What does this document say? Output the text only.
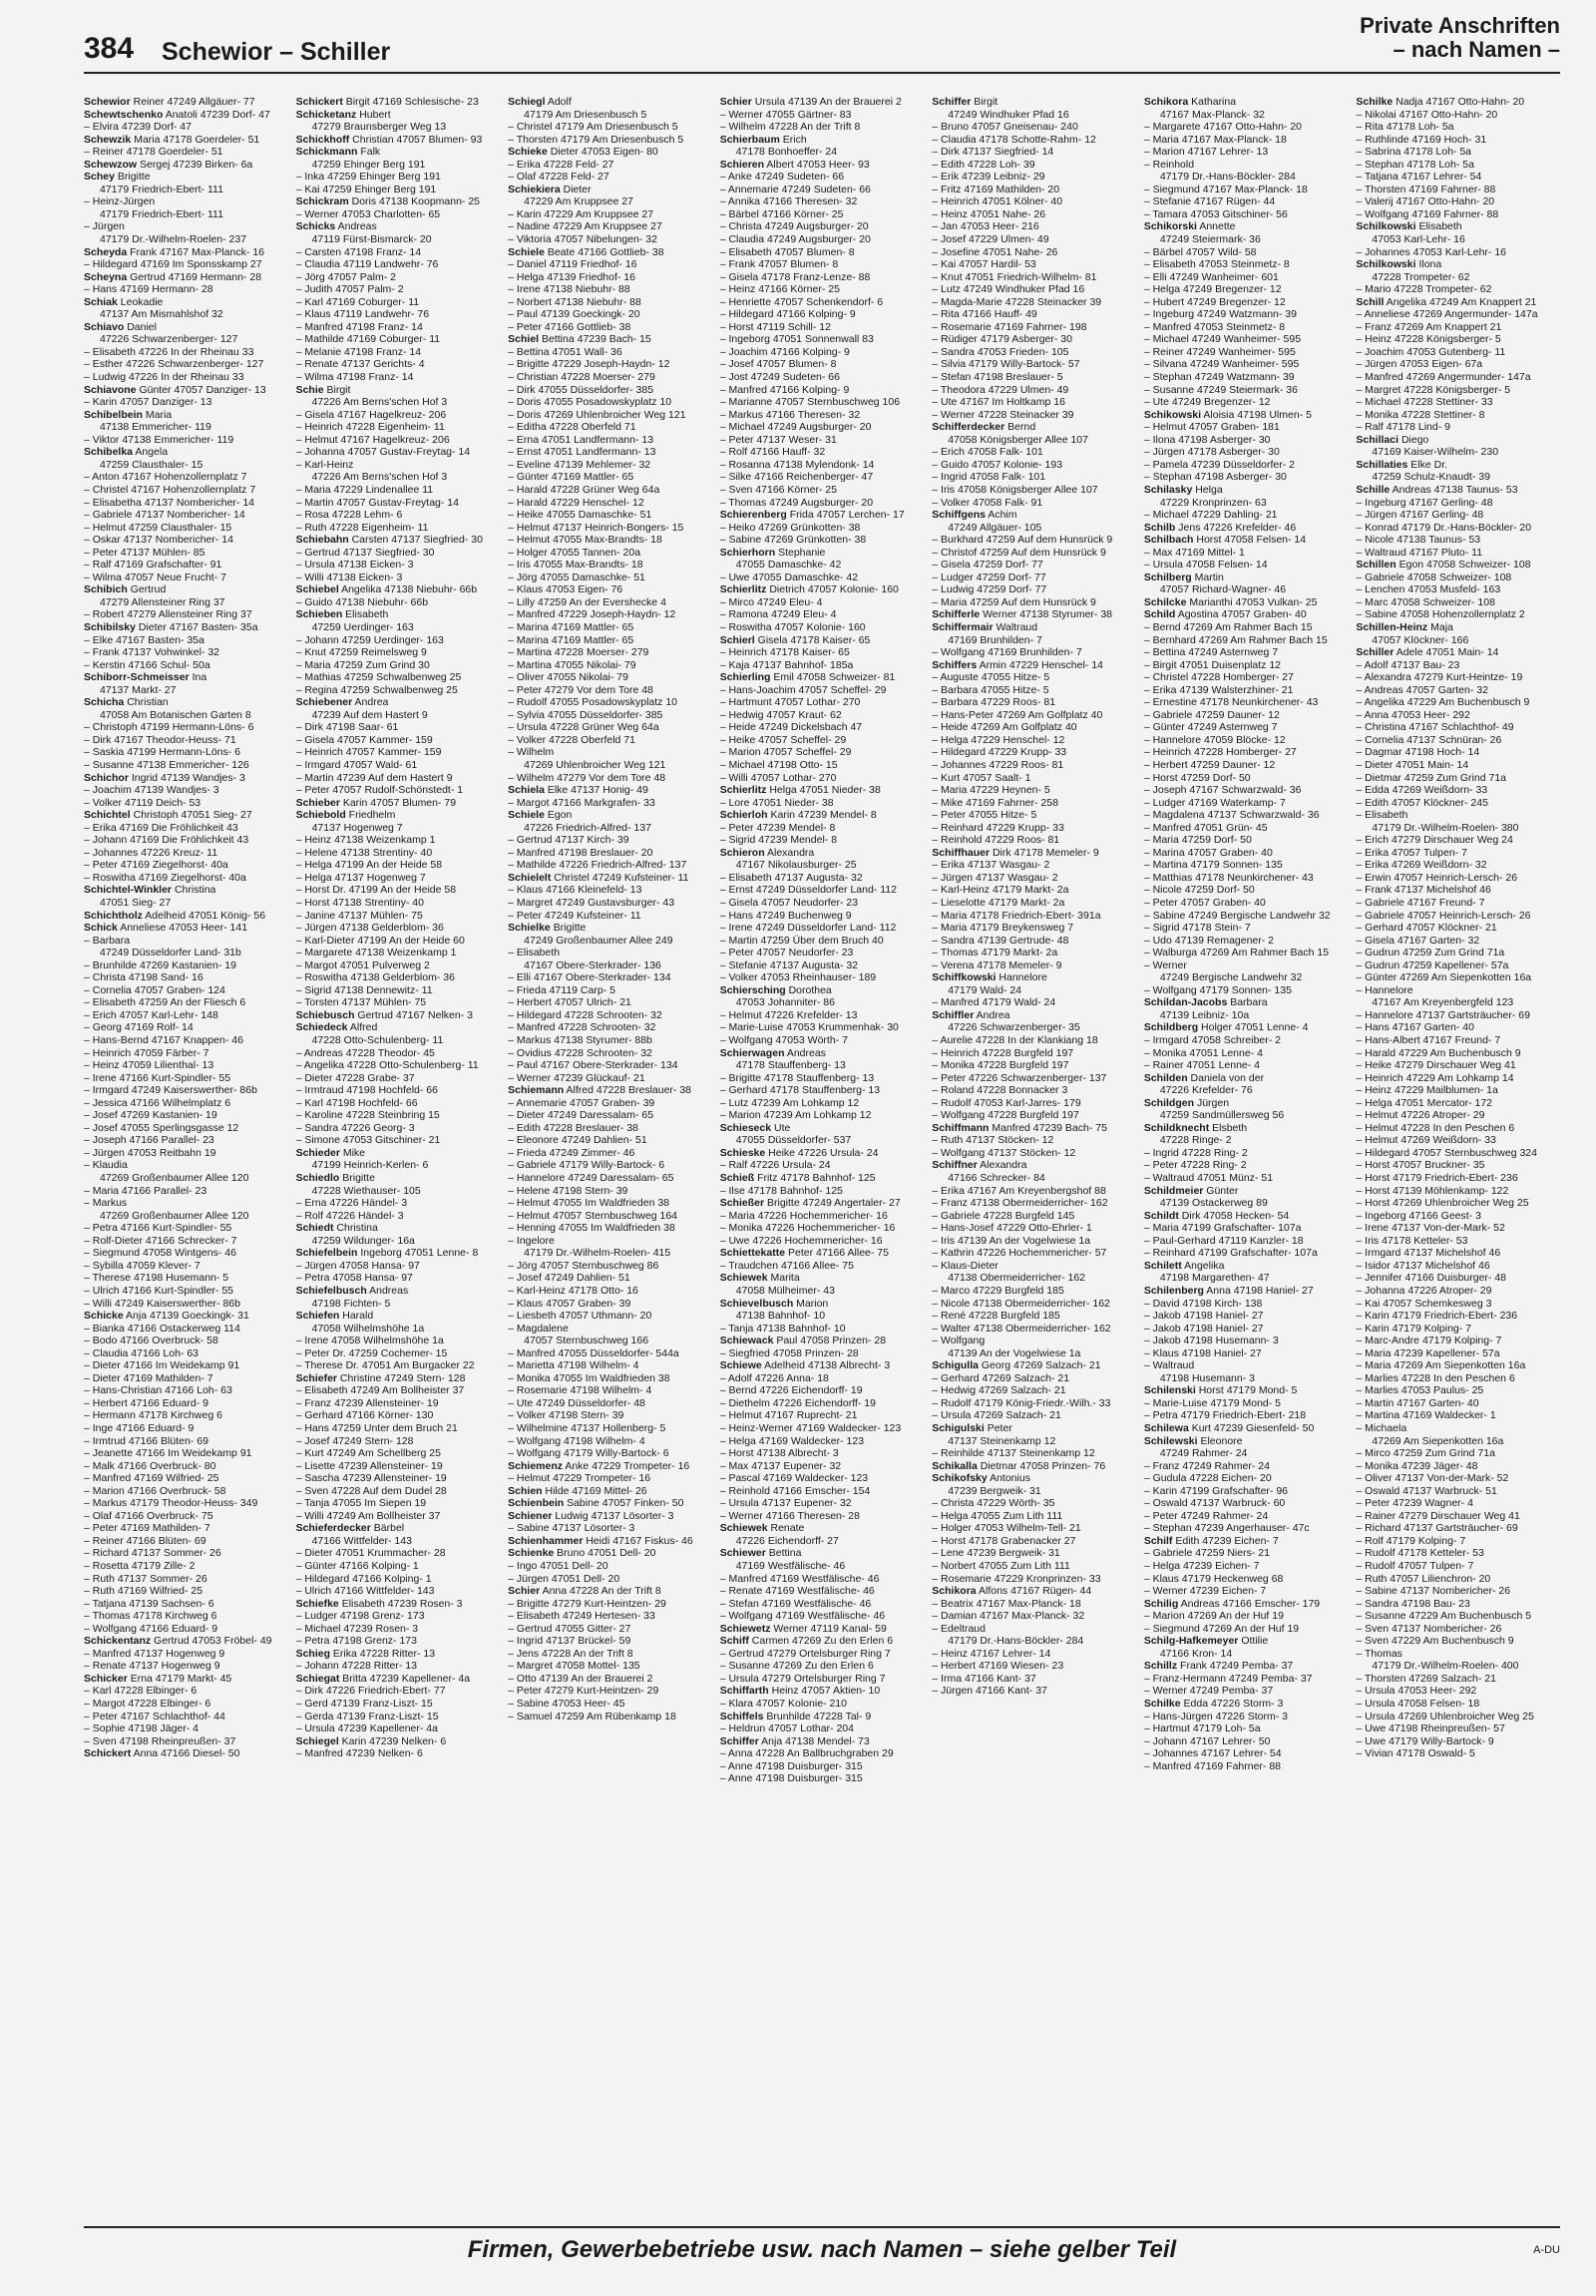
384 Schewior – Schiller
Private Anschriften
– nach Namen –
Schewior Reiner 47249 Allgäuer- 77
Schewtschenko Anatoli 47239 Dorf- 47
– Elvira 47239 Dorf- 47
Schewzik Maria 47178 Goerdeler- 51
– Reiner 47178 Goerdeler- 51
Schewzow Sergej 47239 Birken- 6a
Schey Brigitte
47179 Friedrich-Ebert- 111
– Heinz-Jürgen
47179 Friedrich-Ebert- 111
– Jürgen
47179 Dr.-Wilhelm-Roelen- 237
Scheyda Frank 47167 Max-Planck- 16
– Hildegard 47169 Im Sponsskamp 27
Scheyna Gertrud 47169 Hermann- 28
– Hans 47169 Hermann- 28
Schiak Leokadie
47137 Am Mismahlshof 32
Schiavo Daniel
47226 Schwarzenberger- 127
– Elisabeth 47226 In der Rheinau 33
– Esther 47226 Schwarzenberger- 127
– Ludwig 47226 In der Rheinau 33
Schiavone Günter 47057 Danziger- 13
– Karin 47057 Danziger- 13
Schibelbein Maria
47138 Emmericher- 119
– Viktor 47138 Emmericher- 119
Schibelka Angela
47259 Clausthaler- 15
– Anton 47167 Hohenzollernplatz 7
– Christel 47167 Hohenzollernplatz 7
– Elisabetha 47137 Nombericher- 14
– Gabriele 47137 Nombericher- 14
– Helmut 47259 Clausthaler- 15
– Oskar 47137 Nombericher- 14
– Peter 47137 Mühlen- 85
– Ralf 47169 Grafschafter- 91
– Wilma 47057 Neue Frucht- 7
Schibich Gertrud
47279 Allensteiner Ring 37
– Robert 47279 Allensteiner Ring 37
Schibilsky Dieter 47167 Basten- 35a
– Elke 47167 Basten- 35a
– Frank 47137 Vohwinkel- 32
– Kerstin 47166 Schul- 50a
Schiborr-Schmeisser Ina
47137 Markt- 27
Schicha Christian
47058 Am Botanischen Garten 8
– Christoph 47199 Hermann-Löns- 6
– Dirk 47167 Theodor-Heuss- 71
– Saskia 47199 Hermann-Löns- 6
– Susanne 47138 Emmericher- 126
Schichor Ingrid 47139 Wandjes- 3
– Joachim 47139 Wandjes- 3
– Volker 47119 Deich- 53
Schichtel Christoph 47051 Sieg- 27
– Erika 47169 Die Fröhlichkeit 43
– Johann 47169 Die Fröhlichkeit 43
– Johannes 47226 Kreuz- 11
– Peter 47169 Ziegelhorst- 40a
– Roswitha 47169 Ziegelhorst- 40a
Schichtel-Winkler Christina
47051 Sieg- 27
Schichtholz Adelheid 47051 König- 56
Schick Anneliese 47053 Heer- 141
– Barbara
47249 Düsseldorfer Land- 31b
– Brunhilde 47269 Kastanien- 19
– Christa 47198 Sand- 16
– Cornelia 47057 Graben- 124
– Elisabeth 47259 An der Fliesch 6
– Erich 47057 Karl-Lehr- 148
– Georg 47169 Rolf- 14
– Hans-Bernd 47167 Knappen- 46
– Heinrich 47059 Färber- 7
– Heinz 47059 Lilienthal- 13
– Irene 47166 Kurt-Spindler- 55
– Irmgard 47249 Kaiserswerther- 86b
– Jessica 47166 Wilhelmplatz 6
– Josef 47269 Kastanien- 19
– Josef 47055 Sperlingsgasse 12
– Joseph 47166 Parallel- 23
– Jürgen 47053 Reitbahn 19
– Klaudia
47269 Großenbaumer Allee 120
– Maria 47166 Parallel- 23
– Markus
47269 Großenbaumer Allee 120
– Petra 47166 Kurt-Spindler- 55
– Rolf-Dieter 47166 Schrecker- 7
– Siegmund 47058 Wintgens- 46
– Sybilla 47059 Klever- 7
– Therese 47198 Husemann- 5
– Ulrich 47166 Kurt-Spindler- 55
– Willi 47249 Kaiserswerther- 86b
Schicke Anja 47139 Goeckingk- 31
– Bianka 47166 Ostackerweg 114
– Bodo 47166 Overbruck- 58
– Claudia 47166 Loh- 63
– Dieter 47166 Im Weidekamp 91
– Dieter 47169 Mathilden- 7
– Hans-Christian 47166 Loh- 63
– Herbert 47166 Eduard- 9
– Hermann 47178 Kirchweg 6
– Inge 47166 Eduard- 9
– Irmtrud 47166 Blüten- 69
– Jeanette 47166 Im Weidekamp 91
– Malk 47166 Overbruck- 80
– Manfred 47169 Wilfried- 25
– Marion 47166 Overbruck- 58
– Markus 47179 Theodor-Heuss- 349
– Olaf 47166 Overbruck- 75
– Peter 47169 Mathilden- 7
– Reiner 47166 Blüten- 69
– Richard 47137 Sommer- 26
– Rosetta 47179 Zille- 2
– Ruth 47137 Sommer- 26
– Ruth 47169 Wilfried- 25
– Tatjana 47139 Sachsen- 6
– Thomas 47178 Kirchweg 6
– Wolfgang 47166 Eduard- 9
Schickentanz Gertrud 47053 Fröbel- 49
– Manfred 47137 Hogenweg 9
– Renate 47137 Hogenweg 9
Schicker Erna 47179 Markt- 45
– Karl 47228 Elbinger- 6
– Margot 47228 Elbinger- 6
– Peter 47167 Schlachthof- 44
– Sophie 47198 Jäger- 4
– Sven 47198 Rheinpreußen- 37
Schickert Anna 47166 Diesel- 50
Schickert Birgit 47169 Schlesische- 23
Schicketanz Hubert
47279 Braunsberger Weg 13
Schickhoff Christian 47057 Blumen- 93
Schickmann Falk
47259 Ehinger Berg 191
– Inka 47259 Ehinger Berg 191
– Kai 47259 Ehinger Berg 191
Schickram Doris 47138 Koopmann- 25
– Werner 47053 Charlotten- 65
Schicks Andreas
47119 Fürst-Bismarck- 20
– Carsten 47198 Franz- 14
– Claudia 47119 Landwehr- 76
– Jörg 47057 Palm- 2
– Judith 47057 Palm- 2
– Karl 47169 Coburger- 11
– Klaus 47119 Landwehr- 76
– Manfred 47198 Franz- 14
– Mathilde 47169 Coburger- 11
– Melanie 47198 Franz- 14
– Renate 47137 Gerichts- 4
– Wilma 47198 Franz- 14
Schie Birgit
47226 Am Berns'schen Hof 3
– Gisela 47167 Hagelkreuz- 206
– Heinrich 47228 Eigenheim- 11
– Helmut 47167 Hagelkreuz- 206
– Johanna 47057 Gustav-Freytag- 14
– Karl-Heinz
47226 Am Berns'schen Hof 3
– Maria 47229 Lindenallee 11
– Martin 47057 Gustav-Freytag- 14
– Rosa 47228 Lehm- 6
– Ruth 47228 Eigenheim- 11
Schiebahn Carsten 47137 Siegfried- 30
– Gertrud 47137 Siegfried- 30
– Ursula 47138 Eicken- 3
– Willi 47138 Eicken- 3
Schiebel Angelika 47138 Niebuhr- 66b
– Guido 47138 Niebuhr- 66b
Schieben Elisabeth
47259 Uerdinger- 163
– Johann 47259 Uerdinger- 163
– Knut 47259 Reimelsweg 9
– Maria 47259 Zum Grind 30
– Mathias 47259 Schwalbenweg 25
– Regina 47259 Schwalbenweg 25
Schiebener Andrea
47239 Auf dem Hastert 9
– Dirk 47198 Saar- 61
– Gisela 47057 Kammer- 159
– Heinrich 47057 Kammer- 159
– Irmgard 47057 Wald- 61
– Martin 47239 Auf dem Hastert 9
– Peter 47057 Rudolf-Schönstedt- 1
Schieber Karin 47057 Blumen- 79
Schiebold Friedhelm
47137 Hogenweg 7
– Heinz 47138 Weizenkamp 1
– Helene 47138 Strentiny- 40
– Helga 47199 An der Heide 58
– Helga 47137 Hogenweg 7
– Horst Dr. 47199 An der Heide 58
– Horst 47138 Strentiny- 40
– Janine 47137 Mühlen- 75
– Jürgen 47138 Gelderblom- 36
– Karl-Dieter 47199 An der Heide 60
– Margarete 47138 Weizenkamp 1
– Margot 47051 Pulverweg 2
– Roswitha 47138 Gelderblom- 36
– Sigrid 47138 Dennewitz- 11
– Torsten 47137 Mühlen- 75
Schiebusch Gertrud 47167 Nelken- 3
Schiedeck Alfred
47228 Otto-Schulenberg- 11
– Andreas 47228 Theodor- 45
– Angelika 47228 Otto-Schulenberg- 11
– Dieter 47228 Grabe- 37
– Irmtraud 47198 Hochfeld- 66
– Karl 47198 Hochfeld- 66
– Karoline 47228 Steinbring 15
– Sandra 47226 Georg- 3
– Simone 47053 Gitschiner- 21
Schieder Mike
47199 Heinrich-Kerlen- 6
Schiedlo Brigitte
47228 Wiethauser- 105
– Erna 47226 Händel- 3
– Rolf 47226 Händel- 3
Schiedt Christina
47259 Wildunger- 16a
Schiefelbein Ingeborg 47051 Lenne- 8
– Jürgen 47058 Hansa- 97
– Petra 47058 Hansa- 97
Schiefelbusch Andreas
47198 Fichten- 5
Schiefen Harald
47058 Wilhelmshöhe 1a
– Irene 47058 Wilhelmshöhe 1a
– Peter Dr. 47259 Cochemer- 15
– Therese Dr. 47051 Am Burgacker 22
Schiefer Christine 47249 Stern- 128
– Elisabeth 47249 Am Bollheister 37
– Franz 47239 Allensteiner- 19
– Gerhard 47166 Körner- 130
– Hans 47259 Unter dem Bruch 21
– Josef 47249 Stern- 128
– Kurt 47249 Am Schellberg 25
– Lisette 47239 Allensteiner- 19
– Sascha 47239 Allensteiner- 19
– Sven 47228 Auf dem Dudel 28
– Tanja 47055 Im Siepen 19
– Willi 47249 Am Bollheister 37
Schieferdecker Bärbel
47166 Wittfelder- 143
– Dieter 47051 Krummacher- 28
– Günter 47166 Kolping- 1
– Hildegard 47166 Kolping- 1
– Ulrich 47166 Wittfelder- 143
Schiefke Elisabeth 47239 Rosen- 3
– Ludger 47198 Grenz- 173
– Michael 47239 Rosen- 3
– Petra 47198 Grenz- 173
Schieg Erika 47228 Ritter- 13
– Johann 47228 Ritter- 13
Schiegat Britta 47239 Kapellener- 4a
– Dirk 47226 Friedrich-Ebert- 77
– Gerd 47139 Franz-Liszt- 15
– Gerda 47139 Franz-Liszt- 15
– Ursula 47239 Kapellener- 4a
Schiegel Karin 47239 Nelken- 6
– Manfred 47239 Nelken- 6
Schiegl Adolf
47179 Am Driesenbusch 5
– Christel 47179 Am Driesenbusch 5
– Thorsten 47179 Am Driesenbusch 5
Schieke Dieter 47053 Eigen- 80
– Erika 47228 Feld- 27
– Olaf 47228 Feld- 27
Schiekiera Dieter
47229 Am Kruppsee 27
– Karin 47229 Am Kruppsee 27
– Nadine 47229 Am Kruppsee 27
– Viktoria 47057 Nibelungen- 32
Schiele Beate 47166 Gottlieb- 38
– Daniel 47119 Friedhof- 16
– Helga 47139 Friedhof- 16
– Irene 47138 Niebuhr- 88
– Norbert 47138 Niebuhr- 88
– Paul 47139 Goeckingk- 20
– Peter 47166 Gottlieb- 38
Schiel Bettina 47239 Bach- 15
– Bettina 47051 Wall- 36
– Brigitte 47229 Joseph-Haydn- 12
– Christian 47228 Moerser- 279
– Dirk 47055 Düsseldorfer- 385
– Doris 47055 Posadowskyplatz 10
– Doris 47269 Uhlenbroicher Weg 121
– Editha 47228 Oberfeld 71
– Erna 47051 Landfermann- 13
– Ernst 47051 Landfermann- 13
– Eveline 47139 Mehlemer- 32
– Günter 47169 Mattler- 65
– Harald 47228 Grüner Weg 64a
– Harald 47229 Henschel- 12
– Heike 47055 Damaschke- 51
– Helmut 47137 Heinrich-Bongers- 15
– Helmut 47055 Max-Brandts- 18
– Holger 47055 Tannen- 20a
– Iris 47055 Max-Brandts- 18
– Jörg 47055 Damaschke- 51
– Klaus 47053 Eigen- 76
– Lilly 47259 An der Evershecke 4
– Manfred 47229 Joseph-Haydn- 12
– Marina 47169 Mattler- 65
– Marina 47169 Mattler- 65
– Martina 47228 Moerser- 279
– Martina 47055 Nikolai- 79
– Oliver 47055 Nikolai- 79
– Peter 47279 Vor dem Tore 48
– Rudolf 47055 Posadowskyplatz 10
– Sylvia 47055 Düsseldorfer- 385
– Ursula 47228 Grüner Weg 64a
– Volker 47228 Oberfeld 71
– Wilhelm
47269 Uhlenbroicher Weg 121
– Wilhelm 47279 Vor dem Tore 48
Schiela Elke 47137 Honig- 49
– Margot 47166 Markgrafen- 33
Schiele Egon
47226 Friedrich-Alfred- 137
– Gertrud 47137 Kirch- 39
– Manfred 47198 Breslauer- 20
– Mathilde 47226 Friedrich-Alfred- 137
Schielelt Christel 47249 Kufsteiner- 11
– Klaus 47166 Kleinefeld- 13
– Margret 47249 Gustavsburger- 43
– Peter 47249 Kufsteiner- 11
Schielke Brigitte
47249 Großenbaumer Allee 249
– Elisabeth
47167 Obere-Sterkrader- 136
– Elli 47167 Obere-Sterkrader- 134
– Frieda 47119 Carp- 5
– Herbert 47057 Ulrich- 21
– Hildegard 47228 Schrooten- 32
– Manfred 47228 Schrooten- 32
– Markus 47138 Styrumer- 88b
– Ovidius 47228 Schrooten- 32
– Paul 47167 Obere-Sterkrader- 134
– Werner 47239 Glückauf- 21
Schiemann Alfred 47228 Breslauer- 38
– Annemarie 47057 Graben- 39
– Dieter 47249 Daressalam- 65
– Edith 47228 Breslauer- 38
– Eleonore 47249 Dahlien- 51
– Frieda 47249 Zimmer- 46
– Gabriele 47179 Willy-Bartock- 6
– Hannelore 47249 Daressalam- 65
– Helene 47198 Stern- 39
– Helmut 47055 Im Waldfrieden 38
– Helmut 47057 Sternbuschweg 164
– Henning 47055 Im Waldfrieden 38
– Ingelore
47179 Dr.-Wilhelm-Roelen- 415
– Jörg 47057 Sternbuschweg 86
– Josef 47249 Dahlien- 51
– Karl-Heinz 47178 Otto- 16
– Klaus 47057 Graben- 39
– Liesbeth 47057 Uthmann- 20
– Magdalene
47057 Sternbuschweg 166
– Manfred 47055 Düsseldorfer- 544a
– Marietta 47198 Wilhelm- 4
– Monika 47055 Im Waldfrieden 38
– Rosemarie 47198 Wilhelm- 4
– Ute 47249 Düsseldorfer- 48
– Volker 47198 Stern- 39
– Wilhelmine 47137 Hollenberg- 5
– Wolfgang 47198 Wilhelm- 4
– Wolfgang 47179 Willy-Bartock- 6
Schiemenz Anke 47229 Trompeter- 16
– Helmut 47229 Trompeter- 16
Schien Hilde 47169 Mittel- 26
Schienbein Sabine 47057 Finken- 50
Schiener Ludwig 47137 Lösorter- 3
– Sabine 47137 Lösorter- 3
Schienhammer Heidi 47167 Fiskus- 46
Schienke Bruno 47051 Dell- 20
– Ingo 47051 Dell- 20
– Jürgen 47051 Dell- 20
Schier Anna 47228 An der Trift 8
– Brigitte 47279 Kurt-Heintzen- 29
– Elisabeth 47249 Hertesen- 33
– Gertrud 47055 Gitter- 27
– Ingrid 47137 Brückel- 59
– Jens 47228 An der Trift 8
– Margret 47058 Mottel- 135
– Otto 47139 An der Brauerei 2
– Peter 47279 Kurt-Heintzen- 29
– Sabine 47053 Heer- 45
– Samuel 47259 Am Rübenkamp 18
Schier Ursula 47139 An der Brauerei 2
– Werner 47055 Gärtner- 83
– Wilhelm 47228 An der Trift 8
Schierbaum Erich
47178 Bonhoeffer- 24
Schieren Albert 47053 Heer- 93
– Anke 47249 Sudeten- 66
– Annemarie 47249 Sudeten- 66
– Annika 47166 Theresen- 32
– Bärbel 47166 Körner- 25
– Christa 47249 Augsburger- 20
– Claudia 47249 Augsburger- 20
– Elisabeth 47057 Blumen- 8
– Frank 47057 Blumen- 8
– Gisela 47178 Franz-Lenze- 88
– Heinz 47166 Körner- 25
– Henriette 47057 Schenkendorf- 6
– Hildegard 47166 Kolping- 9
– Horst 47119 Schill- 12
– Ingeborg 47051 Sonnenwall 83
– Joachim 47166 Kolping- 9
– Josef 47057 Blumen- 8
– Jost 47249 Sudeten- 66
– Manfred 47166 Kolping- 9
– Marianne 47057 Sternbuschweg 106
– Markus 47166 Theresen- 32
– Michael 47249 Augsburger- 20
– Peter 47137 Weser- 31
– Rolf 47166 Hauff- 32
– Rosanna 47138 Mylendonk- 14
– Silke 47166 Reichenberger- 47
– Sven 47166 Körner- 25
– Thomas 47249 Augsburger- 20
Schierenberg Frida 47057 Lerchen- 17
– Heiko 47269 Grünkotten- 38
– Sabine 47269 Grünkotten- 38
Schierhorn Stephanie
47055 Damaschke- 42
– Uwe 47055 Damaschke- 42
Schierlitz Dietrich 47057 Kolonie- 160
– Mirco 47249 Eleu- 4
– Ramona 47249 Eleu- 4
– Roswitha 47057 Kolonie- 160
Schierl Gisela 47178 Kaiser- 65
– Heinrich 47178 Kaiser- 65
– Kaja 47137 Bahnhof- 185a
Schierling Emil 47058 Schweizer- 81
– Hans-Joachim 47057 Scheffel- 29
– Hartmunt 47057 Lothar- 270
– Hedwig 47057 Kraut- 62
– Heide 47249 Dickelsbach 47
– Heike 47057 Scheffel- 29
– Marion 47057 Scheffel- 29
– Michael 47198 Otto- 15
– Willi 47057 Lothar- 270
Schierlitz Helga 47051 Nieder- 38
– Lore 47051 Nieder- 38
Schierloh Karin 47239 Mendel- 8
– Peter 47239 Mendel- 8
– Sigrid 47239 Mendel- 8
Schieron Alexandra
47167 Nikolausburger- 25
– Elisabeth 47137 Augusta- 32
– Ernst 47249 Düsseldorfer Land- 112
– Gisela 47057 Neudorfer- 23
– Hans 47249 Buchenweg 9
– Irene 47249 Düsseldorfer Land- 112
– Martin 47259 Über dem Bruch 40
– Peter 47057 Neudorfer- 23
– Stefanie 47137 Augusta- 32
– Volker 47053 Rheinhauser- 189
Schiersching Dorothea
47053 Johanniter- 86
– Helmut 47226 Krefelder- 13
– Marie-Luise 47053 Krummenhak- 30
– Wolfgang 47053 Wörth- 7
Schierwagen Andreas
47178 Stauffenberg- 13
– Brigitte 47178 Stauffenberg- 13
– Gerhard 47178 Stauffenberg- 13
– Lutz 47239 Am Lohkamp 12
– Marion 47239 Am Lohkamp 12
Schieseck Ute
47055 Düsseldorfer- 537
Schieske Heike 47226 Ursula- 24
– Ralf 47226 Ursula- 24
Schieß Fritz 47178 Bahnhof- 125
– Ilse 47178 Bahnhof- 125
Schießer Brigitte 47249 Angertaler- 27
– Maria 47226 Hochemmericher- 16
– Monika 47226 Hochemmericher- 16
– Uwe 47226 Hochemmericher- 16
Schiettekatte Peter 47166 Allee- 75
– Traudchen 47166 Allee- 75
Schiewek Marita
47058 Mülheimer- 43
Schievelbusch Marion
47138 Bahnhof- 10
– Tanja 47138 Bahnhof- 10
Schiewack Paul 47058 Prinzen- 28
– Siegfried 47058 Prinzen- 28
Schiewe Adelheid 47138 Albrecht- 3
– Adolf 47226 Anna- 18
– Bernd 47226 Eichendorff- 19
– Diethelm 47226 Eichendorff- 19
– Helmut 47167 Ruprecht- 21
– Heinz-Werner 47169 Waldecker- 123
– Helga 47169 Waldecker- 123
– Horst 47138 Albrecht- 3
– Max 47137 Eupener- 32
– Pascal 47169 Waldecker- 123
– Reinhold 47166 Emscher- 154
– Ursula 47137 Eupener- 32
– Werner 47166 Theresen- 28
Schiewek Renate
47226 Eichendorff- 27
Schiewer Bettina
47169 Westfälische- 46
– Manfred 47169 Westfälische- 46
– Renate 47169 Westfälische- 46
– Stefan 47169 Westfälische- 46
– Wolfgang 47169 Westfälische- 46
Schiewetz Werner 47119 Kanal- 59
Schiff Carmen 47269 Zu den Erlen 6
– Gertrud 47279 Ortelsburger Ring 7
– Susanne 47269 Zu den Erlen 6
– Ursula 47279 Ortelsburger Ring 7
Schiffarth Heinz 47057 Aktien- 10
– Klara 47057 Kolonie- 210
Schiffels Brunhilde 47228 Tal- 9
– Heldrun 47057 Lothar- 204
Schiffer Anja 47138 Mendel- 73
– Anna 47228 An Ballbruchgraben 29
– Anne 47198 Duisburger- 315
– Anne 47198 Duisburger- 315
Schiffer Birgit
47249 Windhuker Pfad 16
– Bruno 47057 Gneisenau- 240
– Claudia 47178 Schotte-Rahm- 12
– Dirk 47137 Siegfried- 14
– Edith 47228 Loh- 39
– Erik 47239 Leibniz- 29
– Fritz 47169 Mathilden- 20
– Heinrich 47051 Kölner- 40
– Heinz 47051 Nahe- 26
– Jan 47053 Heer- 216
– Josef 47229 Ulmen- 49
– Josefine 47051 Nahe- 26
– Kai 47057 Hardil- 53
– Knut 47051 Friedrich-Wilhelm- 81
– Lutz 47249 Windhuker Pfad 16
– Magda-Marie 47228 Steinacker 39
– Rita 47166 Hauff- 49
– Rosemarie 47169 Fahrner- 198
– Rüdiger 47179 Asberger- 30
– Sandra 47053 Frieden- 105
– Silvia 47179 Willy-Bartock- 57
– Stefan 47198 Breslauer- 5
– Theodora 47229 Ulmen- 49
– Ute 47167 Im Holtkamp 16
– Werner 47228 Steinacker 39
Schifferdecker Bernd
47058 Königsberger Allee 107
– Erich 47058 Falk- 101
– Guido 47057 Kolonie- 193
– Ingrid 47058 Falk- 101
– Iris 47058 Königsberger Allee 107
– Volker 47058 Falk- 91
Schiffgens Achim
47249 Allgäuer- 105
– Burkhard 47259 Auf dem Hunsrück 9
– Christof 47259 Auf dem Hunsrück 9
– Gisela 47259 Dorf- 77
– Ludger 47259 Dorf- 77
– Ludwig 47259 Dorf- 77
– Maria 47259 Auf dem Hunsrück 9
Schifferle Werner 47138 Styrumer- 38
Schiffermair Waltraud
47169 Brunhilden- 7
– Wolfgang 47169 Brunhilden- 7
Schiffers Armin 47229 Henschel- 14
– Auguste 47055 Hitze- 5
– Barbara 47055 Hitze- 5
– Barbara 47229 Roos- 81
– Hans-Peter 47269 Am Golfplatz 40
– Heide 47269 Am Golfplatz 40
– Helga 47229 Henschel- 12
– Hildegard 47229 Krupp- 33
– Johannes 47229 Roos- 81
– Kurt 47057 Saalt- 1
– Maria 47229 Heynen- 5
– Mike 47169 Fahrner- 258
– Peter 47055 Hitze- 5
– Reinhard 47229 Krupp- 33
– Reinhold 47229 Roos- 81
Schiffhauer Dirk 47178 Memeler- 9
– Erika 47137 Wasgau- 2
– Jürgen 47137 Wasgau- 2
– Karl-Heinz 47179 Markt- 2a
– Lieselotte 47179 Markt- 2a
– Maria 47178 Friedrich-Ebert- 391a
– Maria 47179 Breykensweg 7
– Sandra 47139 Gertrude- 48
– Thomas 47179 Markt- 2a
– Verena 47178 Memeler- 9
Schiffkowski Hannelore
47179 Wald- 24
– Manfred 47179 Wald- 24
Schiffler Andrea
47226 Schwarzenberger- 35
– Aurelie 47228 In der Klankiang 18
– Heinrich 47228 Burgfeld 197
– Monika 47228 Burgfeld 197
– Peter 47226 Schwarzenberger- 137
– Roland 47228 Bonnacker 3
– Rudolf 47053 Karl-Jarres- 179
– Wolfgang 47228 Burgfeld 197
Schiffmann Manfred 47239 Bach- 75
– Ruth 47137 Stöcken- 12
– Wolfgang 47137 Stöcken- 12
Schiffner Alexandra
47166 Schrecker- 84
– Erika 47167 Am Kreyenbergshof 88
– Franz 47138 Obermeiderricher- 162
– Gabriele 47228 Burgfeld 145
– Hans-Josef 47229 Otto-Ehrler- 1
– Iris 47139 An der Vogelwiese 1a
– Kathrin 47226 Hochemmericher- 57
– Klaus-Dieter
47138 Obermeiderricher- 162
– Marco 47229 Burgfeld 185
– Nicole 47138 Obermeiderricher- 162
– René 47228 Burgfeld 185
– Walter 47138 Obermeiderricher- 162
– Wolfgang
47139 An der Vogelwiese 1a
Schigulla Georg 47269 Salzach- 21
– Gerhard 47269 Salzach- 21
– Hedwig 47269 Salzach- 21
– Rudolf 47179 König-Friedr.-Wilh.- 33
– Ursula 47269 Salzach- 21
Schigulski Peter
47137 Steinenkamp 12
– Reinhilde 47137 Steinenkamp 12
Schikalla Dietmar 47058 Prinzen- 76
Schikofsky Antonius
47239 Bergweik- 31
– Christa 47229 Wörth- 35
– Helga 47055 Zum Lith 111
– Holger 47053 Wilhelm-Tell- 21
– Horst 47178 Grabenacker 27
– Lene 47239 Bergweik- 31
– Norbert 47055 Zum Lith 111
– Rosemarie 47229 Kronprinzen- 33
Schikora Alfons 47167 Rügen- 44
– Beatrix 47167 Max-Planck- 18
– Damian 47167 Max-Planck- 32
– Edeltraud
47179 Dr.-Hans-Böckler- 284
– Heinz 47167 Lehrer- 14
– Herbert 47169 Wiesen- 23
– Irma 47166 Kant- 37
– Jürgen 47166 Kant- 37
Schikora Katharina
47167 Max-Planck- 32
– Margarete 47167 Otto-Hahn- 20
– Maria 47167 Max-Planck- 18
– Marion 47167 Lehrer- 13
– Reinhold
47179 Dr.-Hans-Böckler- 284
– Siegmund 47167 Max-Planck- 18
– Stefanie 47167 Rügen- 44
– Tamara 47053 Gitschiner- 56
Schikorski Annette
47249 Steiermark- 36
– Bärbel 47057 Wild- 58
– Elisabeth 47053 Steinmetz- 8
– Elli 47249 Wanheimer- 601
– Helga 47249 Bregenzer- 12
– Hubert 47249 Bregenzer- 12
– Ingeburg 47249 Watzmann- 39
– Manfred 47053 Steinmetz- 8
– Michael 47249 Wanheimer- 595
– Reiner 47249 Wanheimer- 595
– Silvana 47249 Wanheimer- 595
– Stephan 47249 Watzmann- 39
– Susanne 47249 Steiermark- 36
– Ute 47249 Bregenzer- 12
Schikowski Aloisia 47198 Ulmen- 5
– Helmut 47057 Graben- 181
– Ilona 47198 Asberger- 30
– Jürgen 47178 Asberger- 30
– Pamela 47239 Düsseldorfer- 2
– Stephan 47198 Asberger- 30
Schilasky Helga
47229 Kronprinzen- 63
– Michael 47229 Dahling- 21
Schilb Jens 47226 Krefelder- 46
Schilbach Horst 47058 Felsen- 14
– Max 47169 Mittel- 1
– Ursula 47058 Felsen- 14
Schilberg Martin
47057 Richard-Wagner- 46
Schilcke Marianthi 47053 Vulkan- 25
Schild Agostina 47057 Graben- 40
– Bernd 47269 Am Rahmer Bach 15
– Bernhard 47269 Am Rahmer Bach 15
– Bettina 47249 Asternweg 7
– Birgit 47051 Duisenplatz 12
– Christel 47228 Homberger- 27
– Erika 47139 Walsterzhiner- 21
– Ernestine 47178 Neunkirchener- 43
– Gabriele 47259 Dauner- 12
– Günter 47249 Asternweg 7
– Hannelore 47059 Blöcke- 12
– Heinrich 47228 Homberger- 27
– Herbert 47259 Dauner- 12
– Horst 47259 Dorf- 50
– Joseph 47167 Schwarzwald- 36
– Ludger 47169 Waterkamp- 7
– Magdalena 47137 Schwarzwald- 36
– Manfred 47051 Grün- 45
– Maria 47259 Dorf- 50
– Marina 47057 Graben- 40
– Martina 47179 Sonnen- 135
– Matthias 47178 Neunkirchener- 43
– Nicole 47259 Dorf- 50
– Peter 47057 Graben- 40
– Sabine 47249 Bergische Landwehr 32
– Sigrid 47178 Stein- 7
– Udo 47139 Remagener- 2
– Walburga 47269 Am Rahmer Bach 15
– Werner
47249 Bergische Landwehr 32
– Wolfgang 47179 Sonnen- 135
Schildan-Jacobs Barbara
47139 Leibniz- 10a
Schildberg Holger 47051 Lenne- 4
– Irmgard 47058 Schreiber- 2
– Monika 47051 Lenne- 4
– Rainer 47051 Lenne- 4
Schilden Daniela von der
47226 Krefelder- 76
Schildgen Jürgen
47259 Sandmüllersweg 56
Schildknecht Elsbeth
47228 Ringe- 2
– Ingrid 47228 Ring- 2
– Peter 47228 Ring- 2
– Waltraud 47051 Münz- 51
Schildmeier Günter
47139 Ostackerweg 89
Schildt Dirk 47058 Hecken- 54
– Maria 47199 Grafschafter- 107a
– Paul-Gerhard 47119 Kanzler- 18
– Reinhard 47199 Grafschafter- 107a
Schilett Angelika
47198 Margarethen- 47
Schilenberg Anna 47198 Haniel- 27
– David 47198 Kirch- 138
– Jakob 47198 Haniel- 27
– Jakob 47198 Haniel- 27
– Jakob 47198 Husemann- 3
– Klaus 47198 Haniel- 27
– Waltraud
47198 Husemann- 3
Schilenski Horst 47179 Mond- 5
– Marie-Luise 47179 Mond- 5
– Petra 47179 Friedrich-Ebert- 218
Schilewa Kurt 47239 Giesenfeld- 50
Schilewski Eleonore
47249 Rahmer- 24
– Franz 47249 Rahmer- 24
– Gudula 47228 Eichen- 20
– Karin 47199 Grafschafter- 96
– Oswald 47137 Warbruck- 60
– Peter 47249 Rahmer- 24
– Stephan 47239 Angerhauser- 47c
Schilf Edith 47239 Eichen- 7
– Gabriele 47259 Niers- 21
– Helga 47239 Eichen- 7
– Klaus 47179 Heckenweg 68
– Werner 47239 Eichen- 7
Schilig Andreas 47166 Emscher- 179
– Marion 47269 An der Huf 19
– Siegmund 47269 An der Huf 19
Schilg-Hafkemeyer Ottilie
47166 Kron- 14
Schillz Frank 47249 Pemba- 37
– Franz-Hermann 47249 Pemba- 37
– Werner 47249 Pemba- 37
Schilke Edda 47226 Storm- 3
– Hans-Jürgen 47226 Storm- 3
– Hartmut 47179 Loh- 5a
– Johann 47167 Lehrer- 50
– Johannes 47167 Lehrer- 54
– Manfred 47169 Fahrner- 88
Schilke Nadja 47167 Otto-Hahn- 20
– Nikolai 47167 Otto-Hahn- 20
– Rita 47178 Loh- 5a
– Ruthlinde 47169 Hoch- 31
– Sabrina 47178 Loh- 5a
– Stephan 47178 Loh- 5a
– Tatjana 47167 Lehrer- 54
– Thorsten 47169 Fahrner- 88
– Valerij 47167 Otto-Hahn- 20
– Wolfgang 47169 Fahrner- 88
Schilkowski Elisabeth
47053 Karl-Lehr- 16
– Johannes 47053 Karl-Lehr- 16
Schilkowski Ilona
47228 Trompeter- 62
– Mario 47228 Trompeter- 62
Schill Angelika 47249 Am Knappert 21
– Anneliese 47269 Angermunder- 147a
– Franz 47269 Am Knappert 21
– Heinz 47228 Königsberger- 5
– Joachim 47053 Gutenberg- 11
– Jürgen 47053 Eigen- 67a
– Manfred 47269 Angermunder- 147a
– Margret 47228 Königsberger- 5
– Michael 47228 Stettiner- 33
– Monika 47228 Stettiner- 8
– Ralf 47178 Lind- 9
Schillaci Diego
47169 Kaiser-Wilhelm- 230
Schillaties Elke Dr.
47259 Schulz-Knaudt- 39
Schille Andreas 47138 Taunus- 53
– Ingeburg 47167 Gerling- 48
– Jürgen 47167 Gerling- 48
– Konrad 47179 Dr.-Hans-Böckler- 20
– Nicole 47138 Taunus- 53
– Waltraud 47167 Pluto- 11
Schillen Egon 47058 Schweizer- 108
– Gabriele 47058 Schweizer- 108
– Lenchen 47053 Musfeld- 163
– Marc 47058 Schweizer- 108
– Sabine 47058 Hohenzollernplatz 2
Schillen-Heinz Maja
47057 Klöckner- 166
Schiller Adele 47051 Main- 14
– Adolf 47137 Bau- 23
– Alexandra 47279 Kurt-Heintze- 19
– Andreas 47057 Garten- 32
– Angelika 47229 Am Buchenbusch 9
– Anna 47053 Heer- 292
– Christina 47167 Schlachthof- 49
– Cornelia 47137 Schnüran- 26
– Dagmar 47198 Hoch- 14
– Dieter 47051 Main- 14
– Dietmar 47259 Zum Grind 71a
– Edda 47269 Weißdorn- 33
– Edith 47057 Klöckner- 245
– Elisabeth
47179 Dr.-Wilhelm-Roelen- 380
– Erich 47279 Dirschauer Weg 24
– Erika 47057 Tulpen- 7
– Erika 47269 Weißdorn- 32
– Erwin 47057 Heinrich-Lersch- 26
– Frank 47137 Michelshof 46
– Gabriele 47167 Freund- 7
– Gabriele 47057 Heinrich-Lersch- 26
– Gerhard 47057 Klöckner- 21
– Gisela 47167 Garten- 32
– Gudrun 47259 Zum Grind 71a
– Gudrun 47259 Kapellener- 57a
– Günter 47269 Am Siepenkotten 16a
– Hannelore
47167 Am Kreyenbergfeld 123
– Hannelore 47137 Gartsträucher- 69
– Hans 47167 Garten- 40
– Hans-Albert 47167 Freund- 7
– Harald 47229 Am Buchenbusch 9
– Heike 47279 Dirschauer Weg 41
– Heinrich 47229 Am Lohkamp 14
– Heinz 47229 Mailblumen- 1a
– Helga 47051 Mercator- 172
– Helmut 47226 Atroper- 29
– Helmut 47228 In den Peschen 6
– Helmut 47269 Weißdorn- 33
– Hildegard 47057 Sternbuschweg 324
– Horst 47057 Bruckner- 35
– Horst 47179 Friedrich-Ebert- 236
– Horst 47139 Möhlenkamp- 122
– Horst 47269 Uhlenbroicher Weg 25
– Ingeborg 47166 Geest- 3
– Irene 47137 Von-der-Mark- 52
– Iris 47178 Ketteler- 53
– Irmgard 47137 Michelshof 46
– Isidor 47137 Michelshof 46
– Jennifer 47166 Duisburger- 48
– Johanna 47226 Atroper- 29
– Kai 47057 Schemkesweg 3
– Karin 47179 Friedrich-Ebert- 236
– Karin 47179 Kolping- 7
– Marc-Andre 47179 Kolping- 7
– Maria 47239 Kapellener- 57a
– Maria 47269 Am Siepenkotten 16a
– Marlies 47228 In den Peschen 6
– Marlies 47053 Paulus- 25
– Martin 47167 Garten- 40
– Martina 47169 Waldecker- 1
– Michaela
47269 Am Siepenkotten 16a
– Mirco 47259 Zum Grind 71a
– Monika 47239 Jäger- 48
– Oliver 47137 Von-der-Mark- 52
– Oswald 47137 Warbruck- 51
– Peter 47239 Wagner- 4
– Rainer 47279 Dirschauer Weg 41
– Richard 47137 Gartsträucher- 69
– Rolf 47179 Kolping- 7
– Rudolf 47178 Ketteler- 53
– Rudolf 47057 Tulpen- 7
– Ruth 47057 Lilienchron- 20
– Sabine 47137 Nombericher- 26
– Sandra 47198 Bau- 23
– Susanne 47229 Am Buchenbusch 5
– Sven 47137 Nombericher- 26
– Sven 47229 Am Buchenbusch 9
– Thomas
47179 Dr.-Wilhelm-Roelen- 400
– Thorsten 47269 Salzach- 21
– Ursula 47053 Heer- 292
– Ursula 47058 Felsen- 18
– Ursula 47269 Uhlenbroicher Weg 25
– Uwe 47198 Rheinpreußen- 57
– Uwe 47179 Willy-Bartock- 9
– Vivian 47178 Oswald- 5
Firmen, Gewerbebetriebe usw. nach Namen – siehe gelber Teil	A-DU
